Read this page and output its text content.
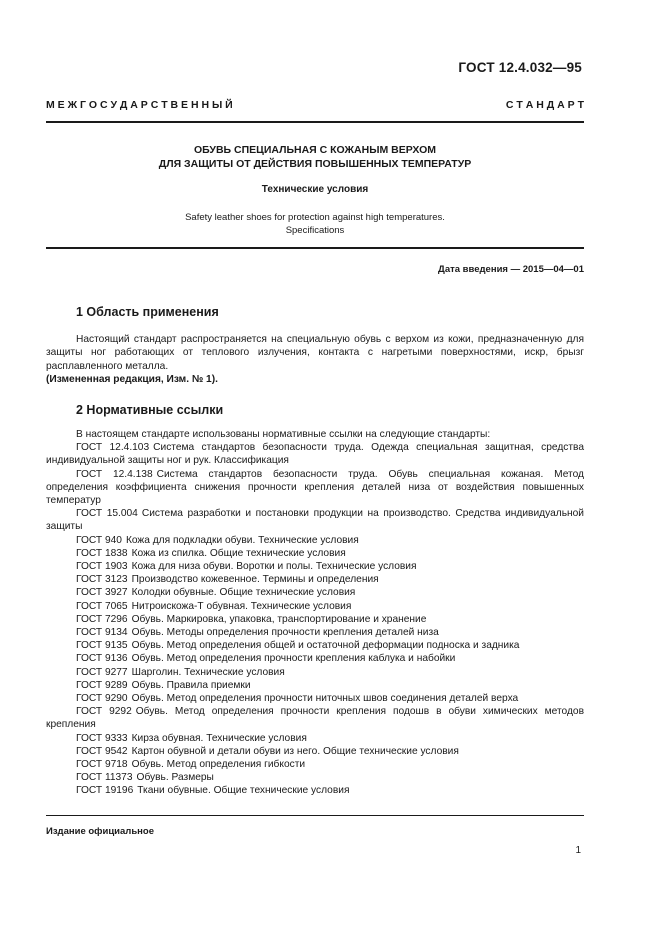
ГОСТ 12.4.032—95
М Е Ж Г О С У Д А Р С Т В Е Н Н Ы Й	С Т А Н Д А Р Т
ОБУВЬ СПЕЦИАЛЬНАЯ С КОЖАНЫМ ВЕРХОМ
ДЛЯ ЗАЩИТЫ ОТ ДЕЙСТВИЯ ПОВЫШЕННЫХ ТЕМПЕРАТУР
Технические условия
Safety leather shoes for protection against high temperatures.
Specifications
Дата введения — 2015—04—01
1 Область применения
Настоящий стандарт распространяется на специальную обувь с верхом из кожи, предназначенную для защиты ног работающих от теплового излучения, контакта с нагретыми поверхностями, искр, брызг расплавленного металла.
(Измененная редакция, Изм. № 1).
2 Нормативные ссылки

В настоящем стандарте использованы нормативные ссылки на следующие стандарты:

ГОСТ 12.4.103 Система стандартов безопасности труда. Одежда специальная защитная, средства индивидуальной защиты ног и рук. Классификация

ГОСТ 12.4.138 Система стандартов безопасности труда. Обувь специальная кожаная. Метод определения коэффициента снижения прочности крепления деталей низа от воздействия повышенных температур

ГОСТ 15.004 Система разработки и постановки продукции на производство. Средства индивидуальной защиты

ГОСТ 940 Кожа для подкладки обуви. Технические условия

ГОСТ 1838 Кожа из спилка. Общие технические условия

ГОСТ 1903 Кожа для низа обуви. Воротки и полы. Технические условия

ГОСТ 3123 Производство кожевенное. Термины и определения

ГОСТ 3927 Колодки обувные. Общие технические условия

ГОСТ 7065 Нитроискожа-Т обувная. Технические условия

ГОСТ 7296 Обувь. Маркировка, упаковка, транспортирование и хранение

ГОСТ 9134 Обувь. Методы определения прочности крепления деталей низа

ГОСТ 9135 Обувь. Метод определения общей и остаточной деформации подноска и задника

ГОСТ 9136 Обувь. Метод определения прочности крепления каблука и набойки

ГОСТ 9277 Шарголин. Технические условия

ГОСТ 9289 Обувь. Правила приемки

ГОСТ 9290 Обувь. Метод определения прочности ниточных швов соединения деталей верха

ГОСТ 9292 Обувь. Метод определения прочности крепления подошв в обуви химических методов крепления

ГОСТ 9333 Кирза обувная. Технические условия

ГОСТ 9542 Картон обувной и детали обуви из него. Общие технические условия

ГОСТ 9718 Обувь. Метод определения гибкости

ГОСТ 11373 Обувь. Размеры

ГОСТ 19196 Ткани обувные. Общие технические условия

Издание официальное
1
